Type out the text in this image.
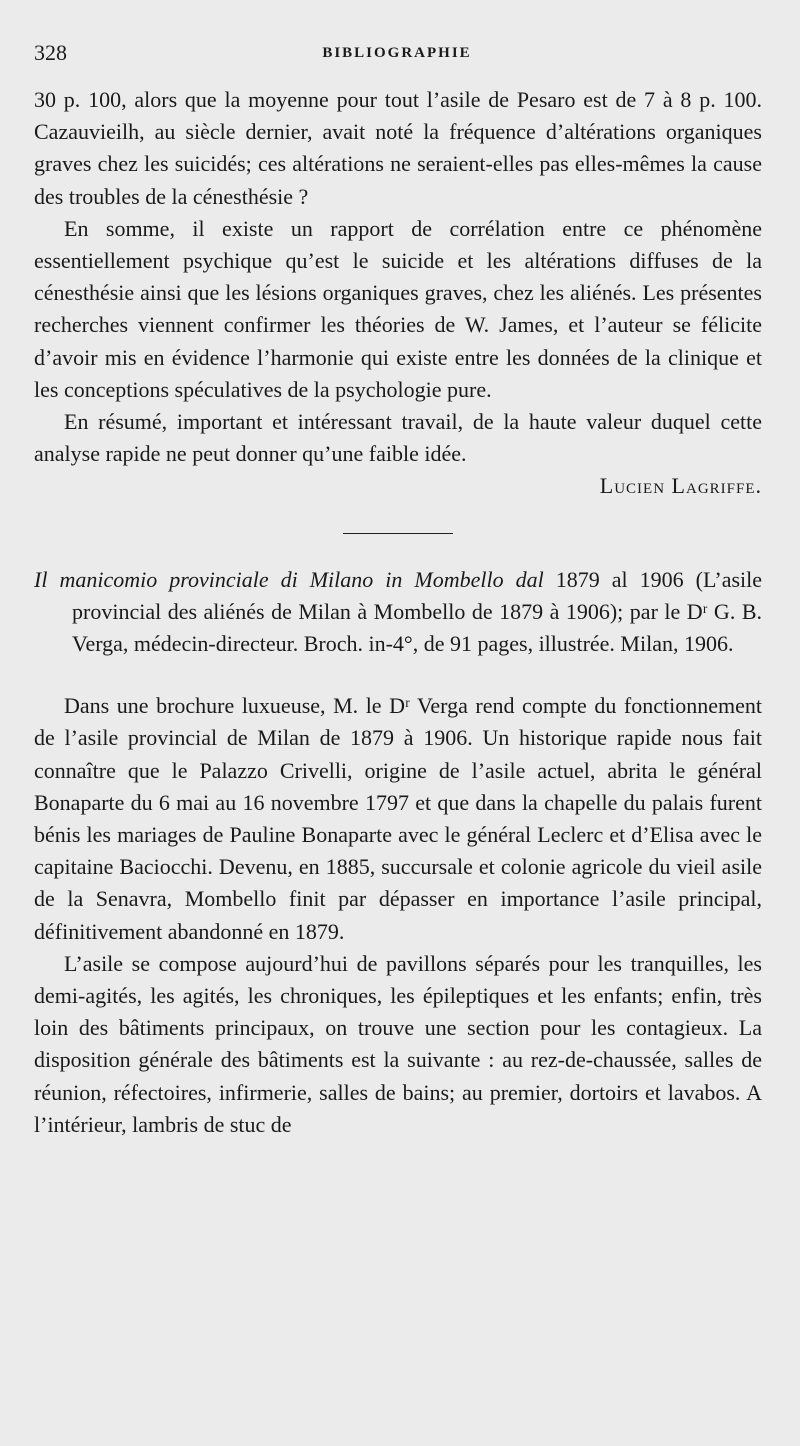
328	BIBLIOGRAPHIE

30 p. 100, alors que la moyenne pour tout l’asile de Pesaro est de 7 à 8 p. 100. Cazauvieilh, au siècle dernier, avait noté la fréquence d’altérations organiques graves chez les suicidés; ces altérations ne seraient-elles pas elles-mêmes la cause des troubles de la cénesthésie ?

En somme, il existe un rapport de corrélation entre ce phénomène essentiellement psychique qu’est le suicide et les altérations diffuses de la cénesthésie ainsi que les lésions organiques graves, chez les aliénés. Les présentes recherches viennent confirmer les théories de W. James, et l’auteur se félicite d’avoir mis en évidence l’harmonie qui existe entre les données de la clinique et les conceptions spéculatives de la psychologie pure.

En résumé, important et intéressant travail, de la haute valeur duquel cette analyse rapide ne peut donner qu’une faible idée.

Lucien Lagriffe.

Il manicomio provinciale di Milano in Mombello dal 1879 al 1906 (L’asile provincial des aliénés de Milan à Mombello de 1879 à 1906); par le Dʳ G. B. Verga, médecin-directeur. Broch. in-4°, de 91 pages, illustrée. Milan, 1906.

Dans une brochure luxueuse, M. le Dʳ Verga rend compte du fonctionnement de l’asile provincial de Milan de 1879 à 1906. Un historique rapide nous fait connaître que le Palazzo Crivelli, origine de l’asile actuel, abrita le général Bonaparte du 6 mai au 16 novembre 1797 et que dans la chapelle du palais furent bénis les mariages de Pauline Bonaparte avec le général Leclerc et d’Elisa avec le capitaine Baciocchi. Devenu, en 1885, succursale et colonie agricole du vieil asile de la Senavra, Mombello finit par dépasser en importance l’asile principal, définitivement abandonné en 1879.

L’asile se compose aujourd’hui de pavillons séparés pour les tranquilles, les demi-agités, les agités, les chroniques, les épileptiques et les enfants; enfin, très loin des bâtiments principaux, on trouve une section pour les contagieux. La disposition générale des bâtiments est la suivante : au rez-de-chaussée, salles de réunion, réfectoires, infirmerie, salles de bains; au premier, dortoirs et lavabos. A l’intérieur, lambris de stuc de
